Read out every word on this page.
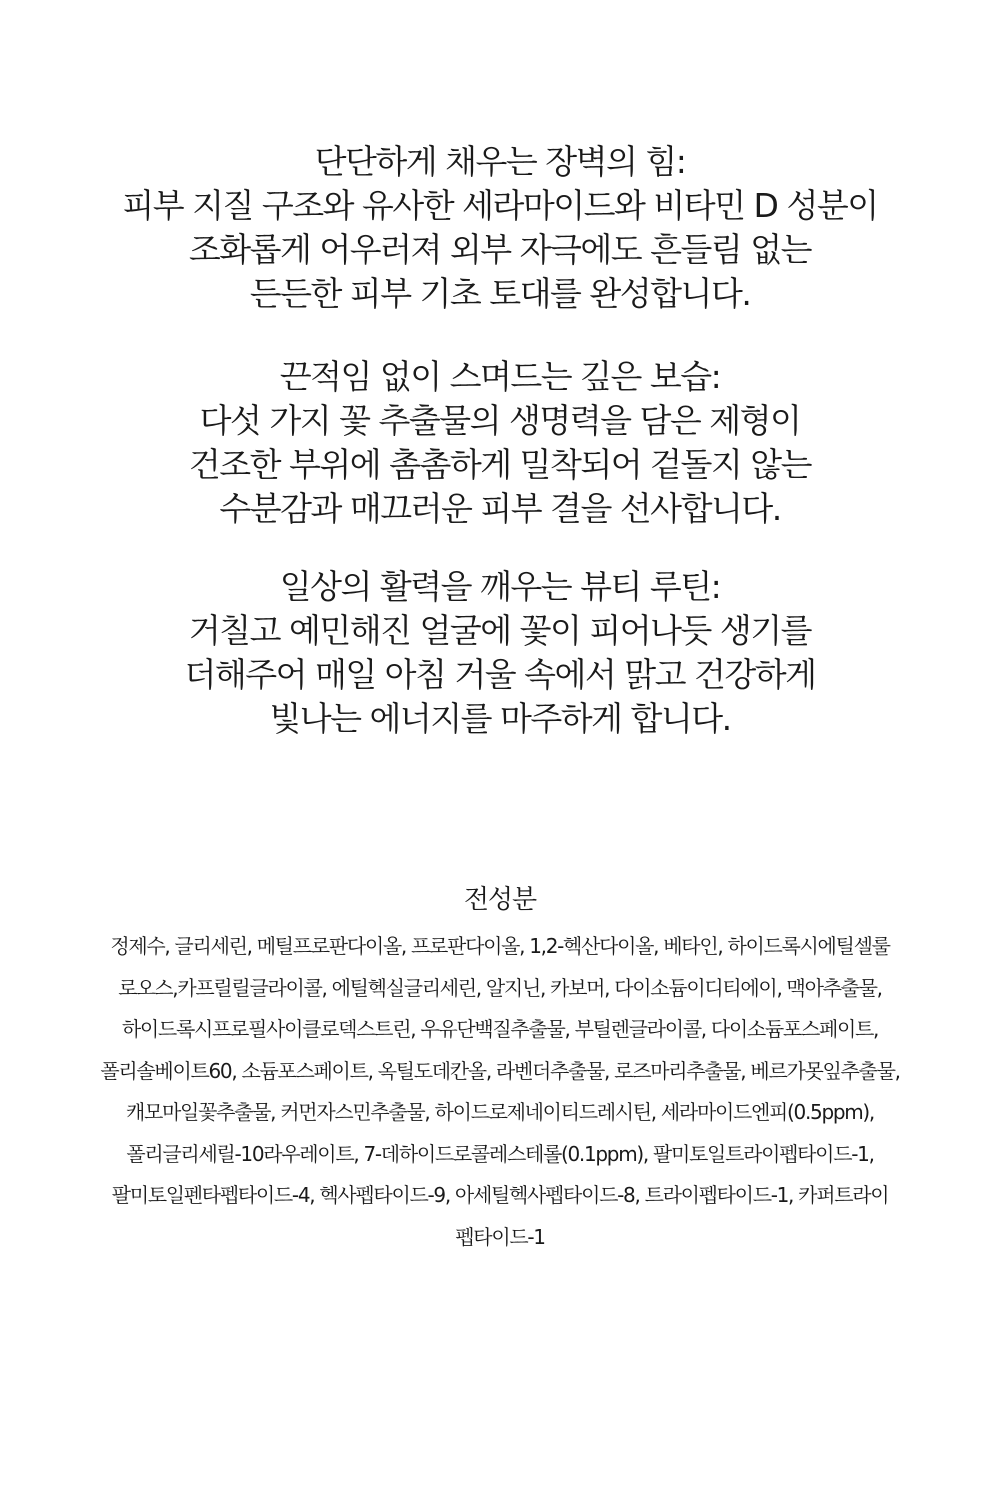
단단하게 채우는 장벽의 힘:
피부 지질 구조와 유사한 세라마이드와 비타민 D 성분이
조화롭게 어우러져 외부 자극에도 흔들림 없는
든든한 피부 기초 토대를 완성합니다.
끈적임 없이 스며드는 깊은 보습:
다섯 가지 꽃 추출물의 생명력을 담은 제형이
건조한 부위에 촘촘하게 밀착되어 겉돌지 않는
수분감과 매끄러운 피부 결을 선사합니다.
일상의 활력을 깨우는 뷰티 루틴:
거칠고 예민해진 얼굴에 꽃이 피어나듯 생기를
더해주어 매일 아침 거울 속에서 맑고 건강하게
빛나는 에너지를 마주하게 합니다.
전성분
정제수, 글리세린, 메틸프로판다이올, 프로판다이올, 1,2-헥산다이올, 베타인, 하이드록시에틸셀룰
로오스,카프릴릴글라이콜, 에틸헥실글리세린, 알지닌, 카보머, 다이소듐이디티에이, 맥아추출물,
하이드록시프로필사이클로덱스트린, 우유단백질추출물, 부틸렌글라이콜, 다이소듐포스페이트,
폴리솔베이트60, 소듐포스페이트, 옥틸도데칸올, 라벤더추출물, 로즈마리추출물, 베르가못잎추출물,
캐모마일꽃추출물, 커먼자스민추출물, 하이드로제네이티드레시틴, 세라마이드엔피(0.5ppm),
폴리글리세릴-10라우레이트, 7-데하이드로콜레스테롤(0.1ppm), 팔미토일트라이펩타이드-1,
팔미토일펜타펩타이드-4, 헥사펩타이드-9, 아세틸헥사펩타이드-8, 트라이펩타이드-1, 카퍼트라이
펩타이드-1
